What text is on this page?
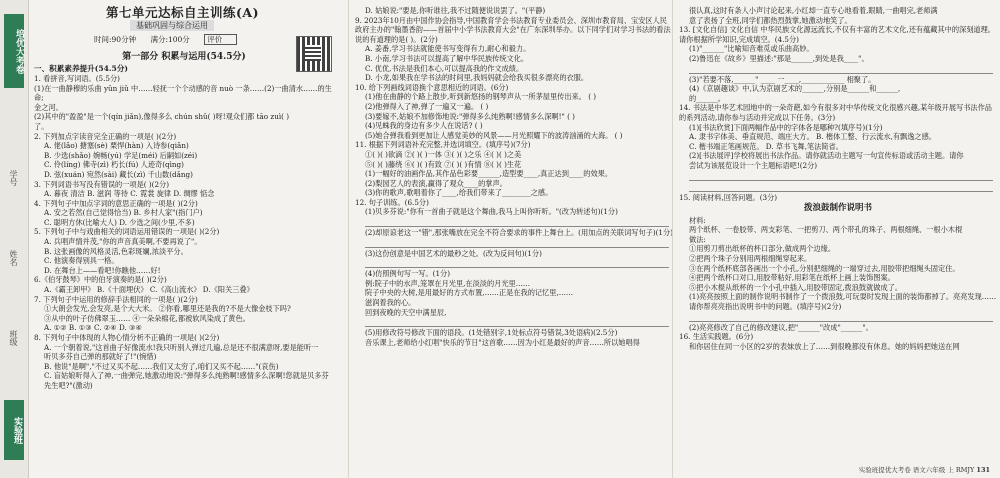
培优大考卷
学号
姓名
班级
实验班
第七单元达标自主训练(A)
基础巩固与综合运用
时间:90分钟 满分:100分 评价
第一部分 积累与运用(54.5分)
一、积累素养提升(54.5分)
1. 看拼音,写词语。(5.5分)
(1)在一曲静穆的乐曲 yǔn jiǔ 中……轻抚一个个动感的音 nuò 一条……(2)一曲清水……的生命;
金之河。
(2)其中的"盈盈"是一个(qín jiǎn),像得多么 chún shǔ( )呀!观众们都 tāo zuì( )
了。
2. 下列加点字读音完全正确的一项是( )(2分)
A. 佬(lǎo) 搪塞(sè) 栗悍(hàn) 入诗参(qiǎn)
B. 少选(shǎo) 婉畅(yú) 学足(méi) 后嗣如(zéi)
C. 伶(líng) 佛寺(zì) 朽长(fú) 人迹奇(qìng)
D. 弦(xuán) 宛然(sài) 藏长(zì) 千山数(dǎng)
3. 下列词语书写没有错误的一项是( )(2分)
A. 暮夜 清洁 B. 滋润 等待 C. 霓裳 旋律 D. 绸缪 惦念
4. 下列句子中加点字词的意思正确的一项是( )(2分)
A. 安之若然(自己觉得恰当) B. 乡村人家"(指门户)
C. 聪明方休(比喻大人) D. 少选之间(少里,不多)
5. 下列句子中与戏曲相关的词语运用错误的一项是( )(2分)
A. 兵唱声情并茂,"你的声音真美啊,不要再说了"。
B. 这张画像的风格灵活,色彩斑斓,浓淡平分。
C. 他演奏得别具一格。
D. 在舞台上——看吧!你瞧他……好!
6.《伯牙鼓琴》中的伯牙演奏的是( )(2分)
A.《霸王卸甲》 B.《十面埋伏》 C.《高山流水》 D.《阳关三叠》
7. 下列句子中运用的修辞手法相同的一项是( )(2分)
①大朗会发光,会发亮,是个大大米。 ②你看,哪里还是我的?不是大像金枝下吗?
③从中的叶子仿佛翠玉…… ④一朵朵棉花,都被软风染成了黄色。
A. ①② B. ①③ C. ②④ D. ③④
8. 下列句子中体现的人物心情分析不正确的一项是( )(2分)
A. 一个朝着说,"这首曲子好像流水!我只听别人弹过几遍,总是还不很满意呀,要是能听一
听贝多芬自己弹的那就好了!"(惋惜)
B. 他说"是啊","不过又买不起……我们又太穷了,咱们又买不起……"(哀伤)
C. 盲姑娘听得入了神,一曲弹完,她激动地说:"弹得多么纯熟啊!感情多么深啊!您就是贝多芬
先生吧?"(激动)
D. 姑娘说:"要是,你听谁往,我不过随便说说罢了。"(平静)
9. 2023年10月由中国作协会指导,中国教育学会书法教育专业委员会、深圳市教育局、宝安区人民政府主办的"翰墨香韵——首届中小学书法教育大会"在广东深圳举办。以下同学们对学习书法的看法说的有道理的是( )。(2分)
A. 姜番,学习书法就能使书写变得有力,耐心和毅力。
B. 小南,学习书法可以提高了解中华民族传统文化。
C. 优优,书法是我们本心,可以提高我的作文成绩。
D. 小龙,如果我在学书法的时间里,我妈妈就会给我买很多漂亮的衣服。
10. 给下列画线词语换个意思相近的词语。(6分)
(1)他在曲静的个路上散步,听到新悠扬的钢琴声从一所茅屋里传出来。 ( )
(2)他弹得入了神,弹了一遍又一遍。 ( )
(3)要嫁不,姑娘不加修饰地说:"弹得多么纯熟啊!感情多么深啊!" ( )
(4)见蛛我的身边有多少人在说话? ( )
(5)她合弹我看到更加让人感觉美妙的风景——月光照耀下的波涛汹涌的大海。 ( )
11. 根据下列词语补充完整,并选词填空。(填序号)(7分)
①( )( )欲滴 ②( )( )一体 ③( )( )之乐 ④( )( )之美
⑤( )( )藤绕 ⑥( )( )有致 ⑦( )( )有情 ⑧( )( )生花
(1)一幅好的油画作品,其作品色彩要______,造型要____,真正达到____的效果。
(2)梨园艺人的表演,赢得了观众____的掌声。
(3)你的歌声,歌唱着你了____,给我们带来了________之感。
12. 句子训练。(6.5分)
(1)贝多芬说:"你有一首曲子就是这个舞曲,我马上叫你听听。"(改为转述句)(1分)
(2)却原谅老这一"错",那张嘴放在完全不符合要求的事件上舞台上。(用加点的关联词写句子)(1分)
(3)这份创意是中国艺术的最秒之处。(改为反问句)(1分)
(4)仿照例句写一写。(1分)
例:院子中的水声,笼罩在月光里,在淡淡的月光里……
院子中央的大树,是用最好的方式布置,……正是在我的记忆里,……
滋润着我的心。
回到夜晚的天空中满星辰,
(5)用修改符号修改下面的语段。(1处错别字,1处标点符号错误,3处语病)(2.5分)
音乐课上,老师给小红唱"快乐的节日"这首歌……因为小红是最好的声音……所以她唱得
很认真,这时有条人小声讨论起来,小红却一直专心地看着,眼睛,一曲唱完,老师满
意了表扬了全班,同学们都热烈鼓掌,她激动地笑了。
13. [文化自信] 文化自信 中华民族文化源远流长,不仅有丰富的艺术文化,还有蕴藏其中的深刻道理。请你根据所学知识,完成填空。(4.5分)
(1)"______"比喻知音难觅或乐曲高妙。
(2)鲁迅在《故乡》里描述:"那是______,到处是我____"。
(3)"若要不落,______" ____ 一____,____________ 相聚了。
(4)《京剧趣谈》中,认为京剧艺术的______,分别是______和______,
的______。
14. 书法是中华艺术园地中的一朵奇葩,如今有很多对中华传统文化很感兴趣,某年级开展写书法作品的系列活动,请你参与活动并完成以下任务。(3分)
(1)[书法欣赏]下面两幅作品中的字体各是哪种?(填序号)(1分)
A. 隶书字体美、垂直规范、端庄大方。 B. 楷体工整、行云流水,有飘逸之感。
C. 楷书端正笔画规范。 D. 草书飞舞,笔法简省。
(2)[书法展评]学校将展出书法作品。请你就活动主题写一句宣传标语或活动主题。请你
尝试为该展览设计一个主题标语吧!(2分)
15. 阅读材料,回答问题。(3分)
拨浪鼓制作说明书
材料:
两个纸杯、一卷胶带、两支彩笔、一把剪刀、两个带孔的珠子、两根细绳、一根小木棍
做法:
①用剪刀剪出纸杯的杯口部分,做成两个边缘。
②把两个珠子分别用两根细绳穿起来。
③在两个纸杯底部各画出一个小孔,分别把细绳的一端穿过去,用胶带把细绳头固定住。
④把两个纸杯口对口,用胶带粘好,用彩笔在纸杯上画上装饰图案。
⑤把小木棍从纸杯的一个小孔中插入,用胶带固定,拨浪鼓就做成了。
(1)亮亮按照上面的制作说明书制作了一个拨浪鼓,可玩耍时发现上面的装饰都掉了。亮亮发现……请你帮亮亮指出说明书中的问题。(填序号)(2分)
(2)亮亮修改了自己的修改建议,把"______"改成"______"。
16. 生活实践题。(6分)
和你居住在同一小区的2岁的表妹放上了……到很晚都没有休息。她的妈妈把她送在网
实验班提优大考卷 语文六年级 上 RMJY 131
